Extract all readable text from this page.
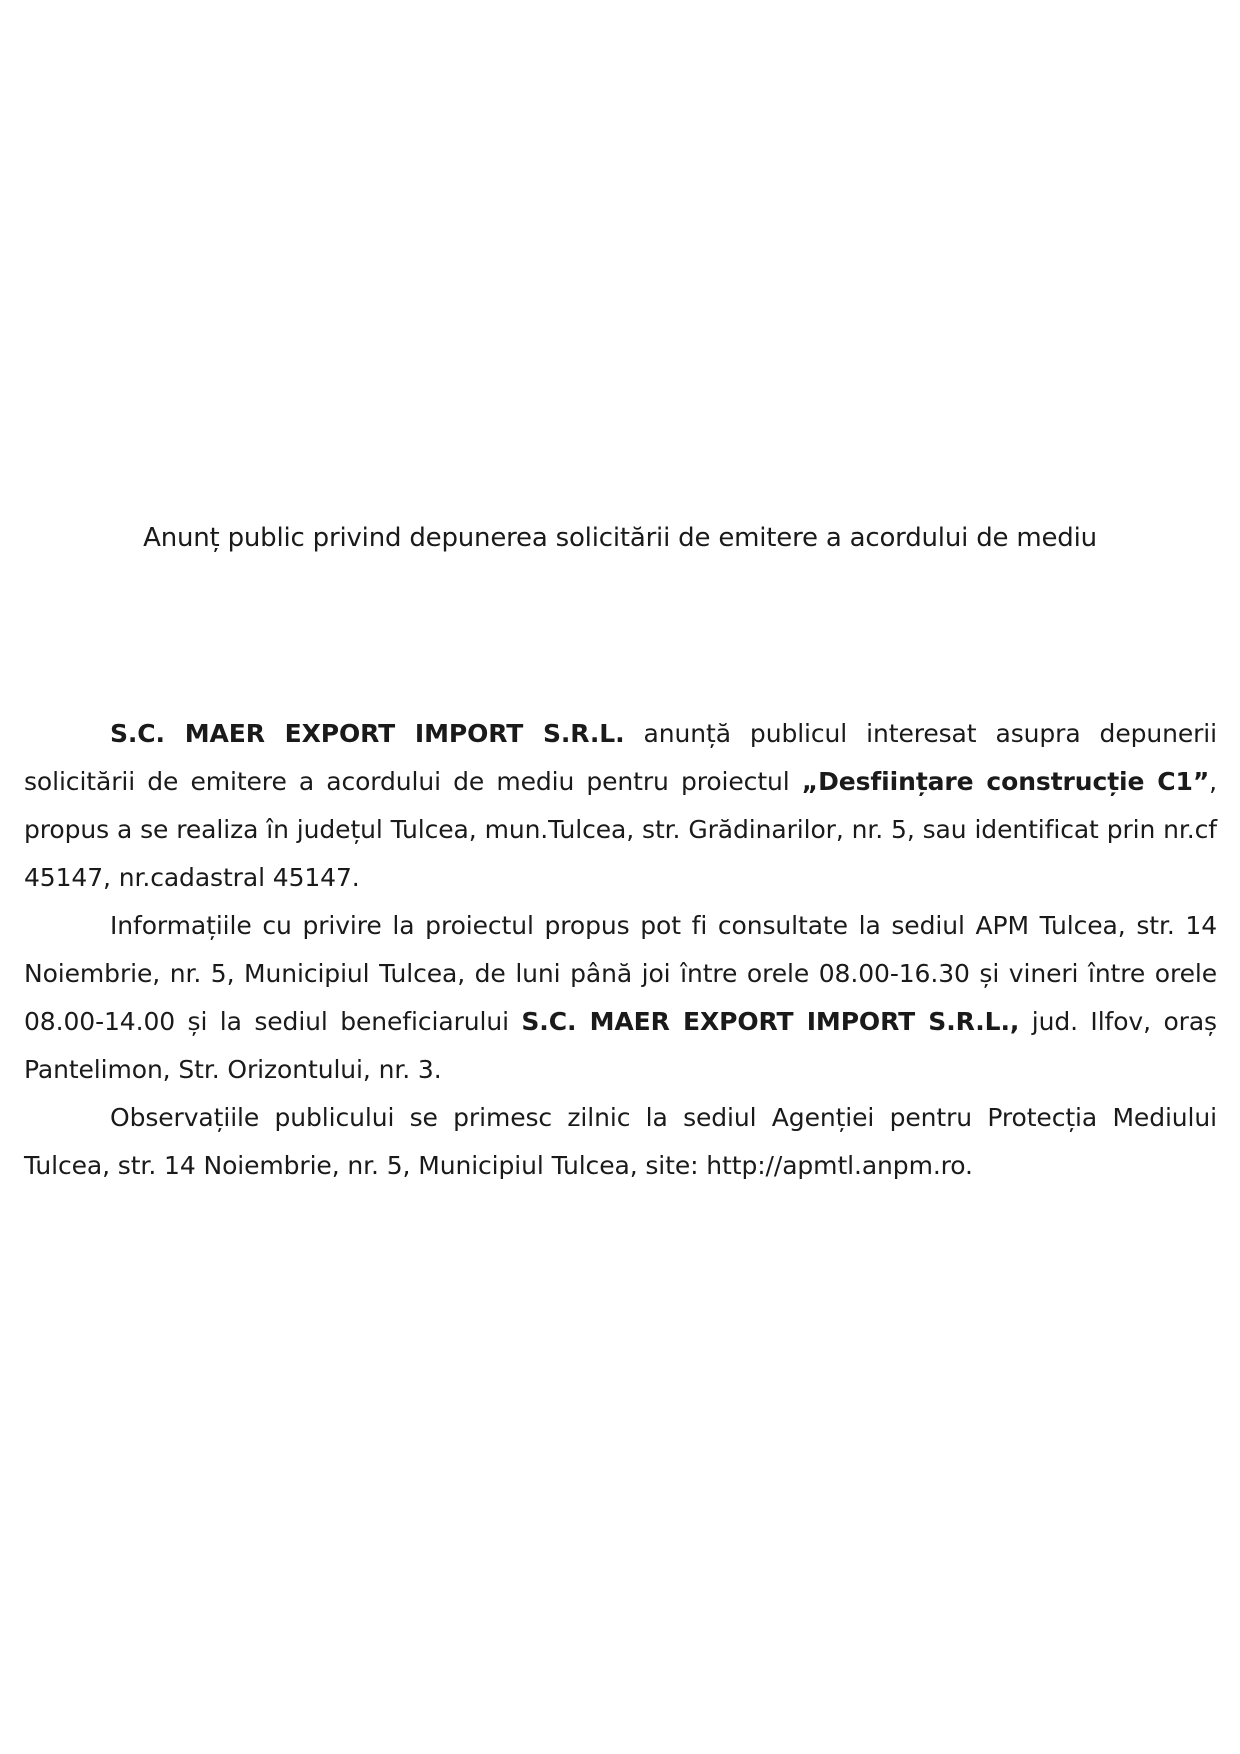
Anunț public privind depunerea solicitării de emitere a acordului de mediu

S.C. MAER EXPORT IMPORT S.R.L. anunță publicul interesat asupra depunerii solicitării de emitere a acordului de mediu pentru proiectul „Desființare construcție C1”, propus a se realiza în județul Tulcea, mun.Tulcea, str. Grădinarilor, nr. 5, sau identificat prin nr.cf 45147, nr.cadastral 45147.

Informațiile cu privire la proiectul propus pot fi consultate la sediul APM Tulcea, str. 14 Noiembrie, nr. 5, Municipiul Tulcea, de luni până joi între orele 08.00-16.30 și vineri între orele 08.00-14.00 și la sediul beneficiarului S.C. MAER EXPORT IMPORT S.R.L., jud. Ilfov, oraș Pantelimon, Str. Orizontului, nr. 3.

Observațiile publicului se primesc zilnic la sediul Agenției pentru Protecția Mediului Tulcea, str. 14 Noiembrie, nr. 5, Municipiul Tulcea, site: http://apmtl.anpm.ro.
